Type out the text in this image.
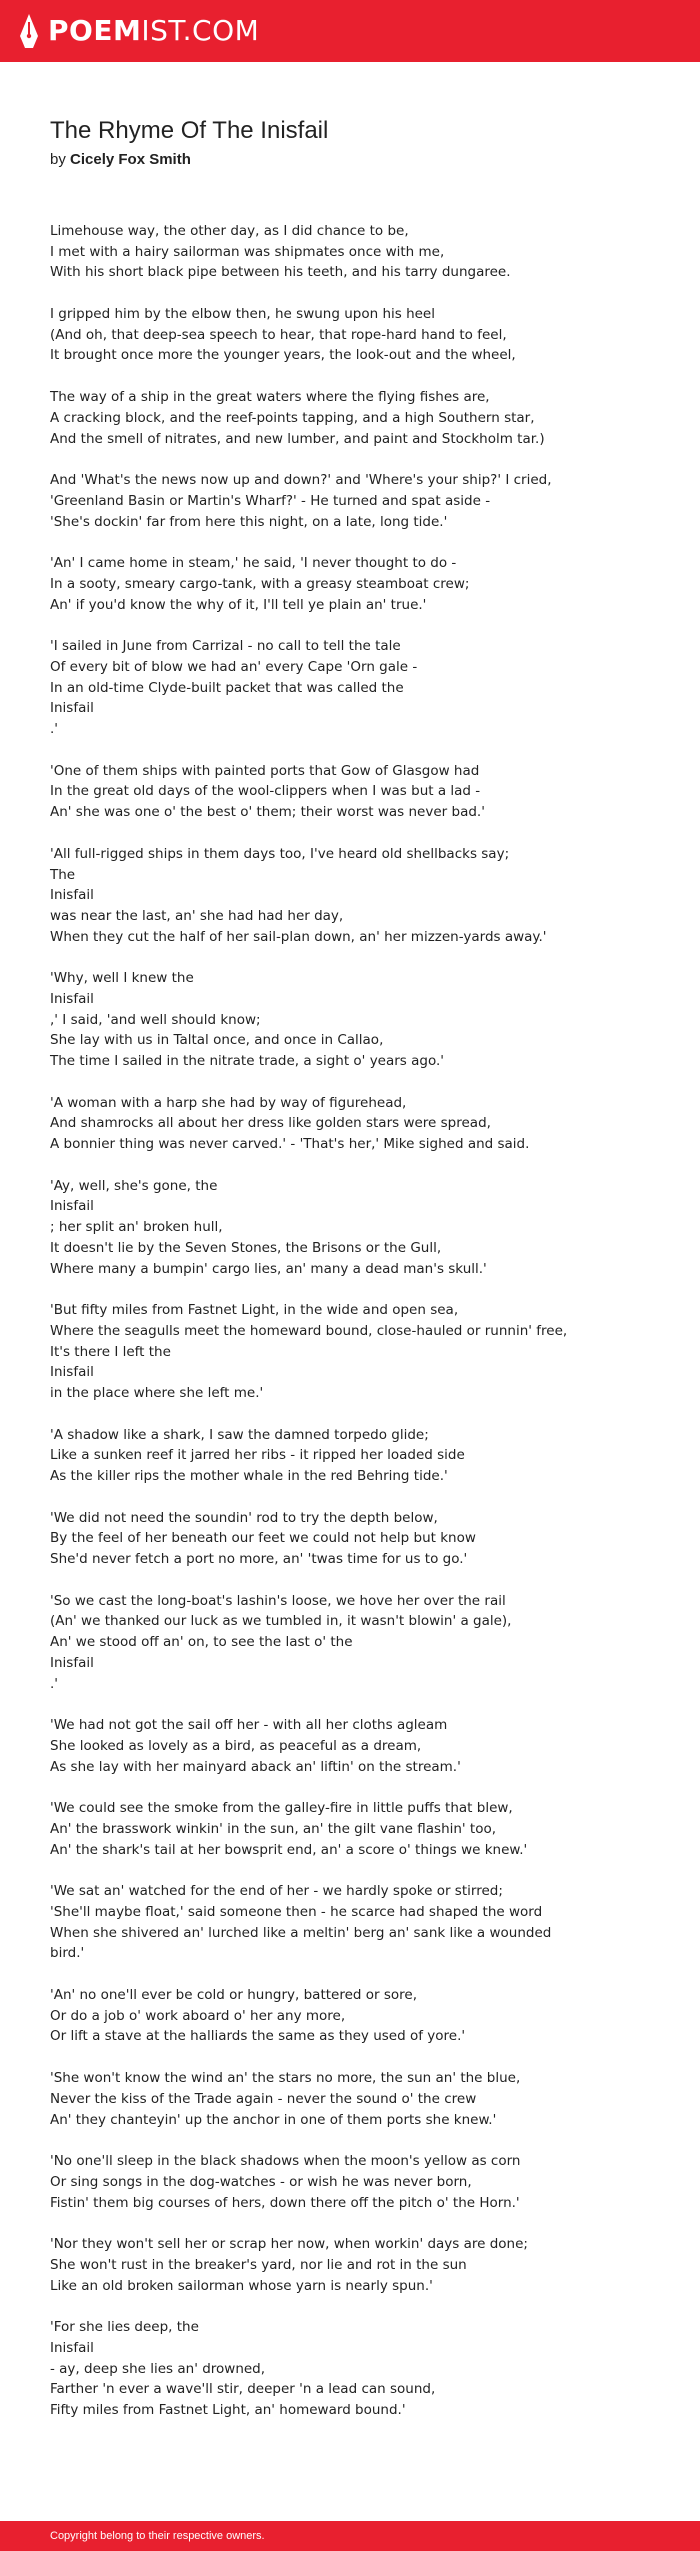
POEMIST.COM
The Rhyme Of The Inisfail
by Cicely Fox Smith
Limehouse way, the other day, as I did chance to be,
I met with a hairy sailorman was shipmates once with me,
With his short black pipe between his teeth, and his tarry dungaree.
I gripped him by the elbow then, he swung upon his heel
(And oh, that deep-sea speech to hear, that rope-hard hand to feel,
It brought once more the younger years, the look-out and the wheel,
The way of a ship in the great waters where the flying fishes are,
A cracking block, and the reef-points tapping, and a high Southern star,
And the smell of nitrates, and new lumber, and paint and Stockholm tar.)
And 'What's the news now up and down?' and 'Where's your ship?' I cried,
'Greenland Basin or Martin's Wharf?' - He turned and spat aside -
'She's dockin' far from here this night, on a late, long tide.'
'An' I came home in steam,' he said, 'I never thought to do -
In a sooty, smeary cargo-tank, with a greasy steamboat crew;
An' if you'd know the why of it, I'll tell ye plain an' true.'
'I sailed in June from Carrizal - no call to tell the tale
Of every bit of blow we had an' every Cape 'Orn gale -
In an old-time Clyde-built packet that was called the
Inisfail
.'
'One of them ships with painted ports that Gow of Glasgow had
In the great old days of the wool-clippers when I was but a lad -
An' she was one o' the best o' them; their worst was never bad.'
'All full-rigged ships in them days too, I've heard old shellbacks say;
The
Inisfail
was near the last, an' she had had her day,
When they cut the half of her sail-plan down, an' her mizzen-yards away.'
'Why, well I knew the
Inisfail
,' I said, 'and well should know;
She lay with us in Taltal once, and once in Callao,
The time I sailed in the nitrate trade, a sight o' years ago.'
'A woman with a harp she had by way of figurehead,
And shamrocks all about her dress like golden stars were spread,
A bonnier thing was never carved.' - 'That's her,' Mike sighed and said.
'Ay, well, she's gone, the
Inisfail
; her split an' broken hull,
It doesn't lie by the Seven Stones, the Brisons or the Gull,
Where many a bumpin' cargo lies, an' many a dead man's skull.'
'But fifty miles from Fastnet Light, in the wide and open sea,
Where the seagulls meet the homeward bound, close-hauled or runnin' free,
It's there I left the
Inisfail
in the place where she left me.'
'A shadow like a shark, I saw the damned torpedo glide;
Like a sunken reef it jarred her ribs - it ripped her loaded side
As the killer rips the mother whale in the red Behring tide.'
'We did not need the soundin' rod to try the depth below,
By the feel of her beneath our feet we could not help but know
She'd never fetch a port no more, an' 'twas time for us to go.'
'So we cast the long-boat's lashin's loose, we hove her over the rail
(An' we thanked our luck as we tumbled in, it wasn't blowin' a gale),
An' we stood off an' on, to see the last o' the
Inisfail
.'
'We had not got the sail off her - with all her cloths agleam
She looked as lovely as a bird, as peaceful as a dream,
As she lay with her mainyard aback an' liftin' on the stream.'
'We could see the smoke from the galley-fire in little puffs that blew,
An' the brasswork winkin' in the sun, an' the gilt vane flashin' too,
An' the shark's tail at her bowsprit end, an' a score o' things we knew.'
'We sat an' watched for the end of her - we hardly spoke or stirred;
'She'll maybe float,' said someone then - he scarce had shaped the word
When she shivered an' lurched like a meltin' berg an' sank like a wounded
bird.'
'An' no one'll ever be cold or hungry, battered or sore,
Or do a job o' work aboard o' her any more,
Or lift a stave at the halliards the same as they used of yore.'
'She won't know the wind an' the stars no more, the sun an' the blue,
Never the kiss of the Trade again - never the sound o' the crew
An' they chanteyin' up the anchor in one of them ports she knew.'
'No one'll sleep in the black shadows when the moon's yellow as corn
Or sing songs in the dog-watches - or wish he was never born,
Fistin' them big courses of hers, down there off the pitch o' the Horn.'
'Nor they won't sell her or scrap her now, when workin' days are done;
She won't rust in the breaker's yard, nor lie and rot in the sun
Like an old broken sailorman whose yarn is nearly spun.'
'For she lies deep, the
Inisfail
- ay, deep she lies an' drowned,
Farther 'n ever a wave'll stir, deeper 'n a lead can sound,
Fifty miles from Fastnet Light, an' homeward bound.'
Copyright belong to their respective owners.
